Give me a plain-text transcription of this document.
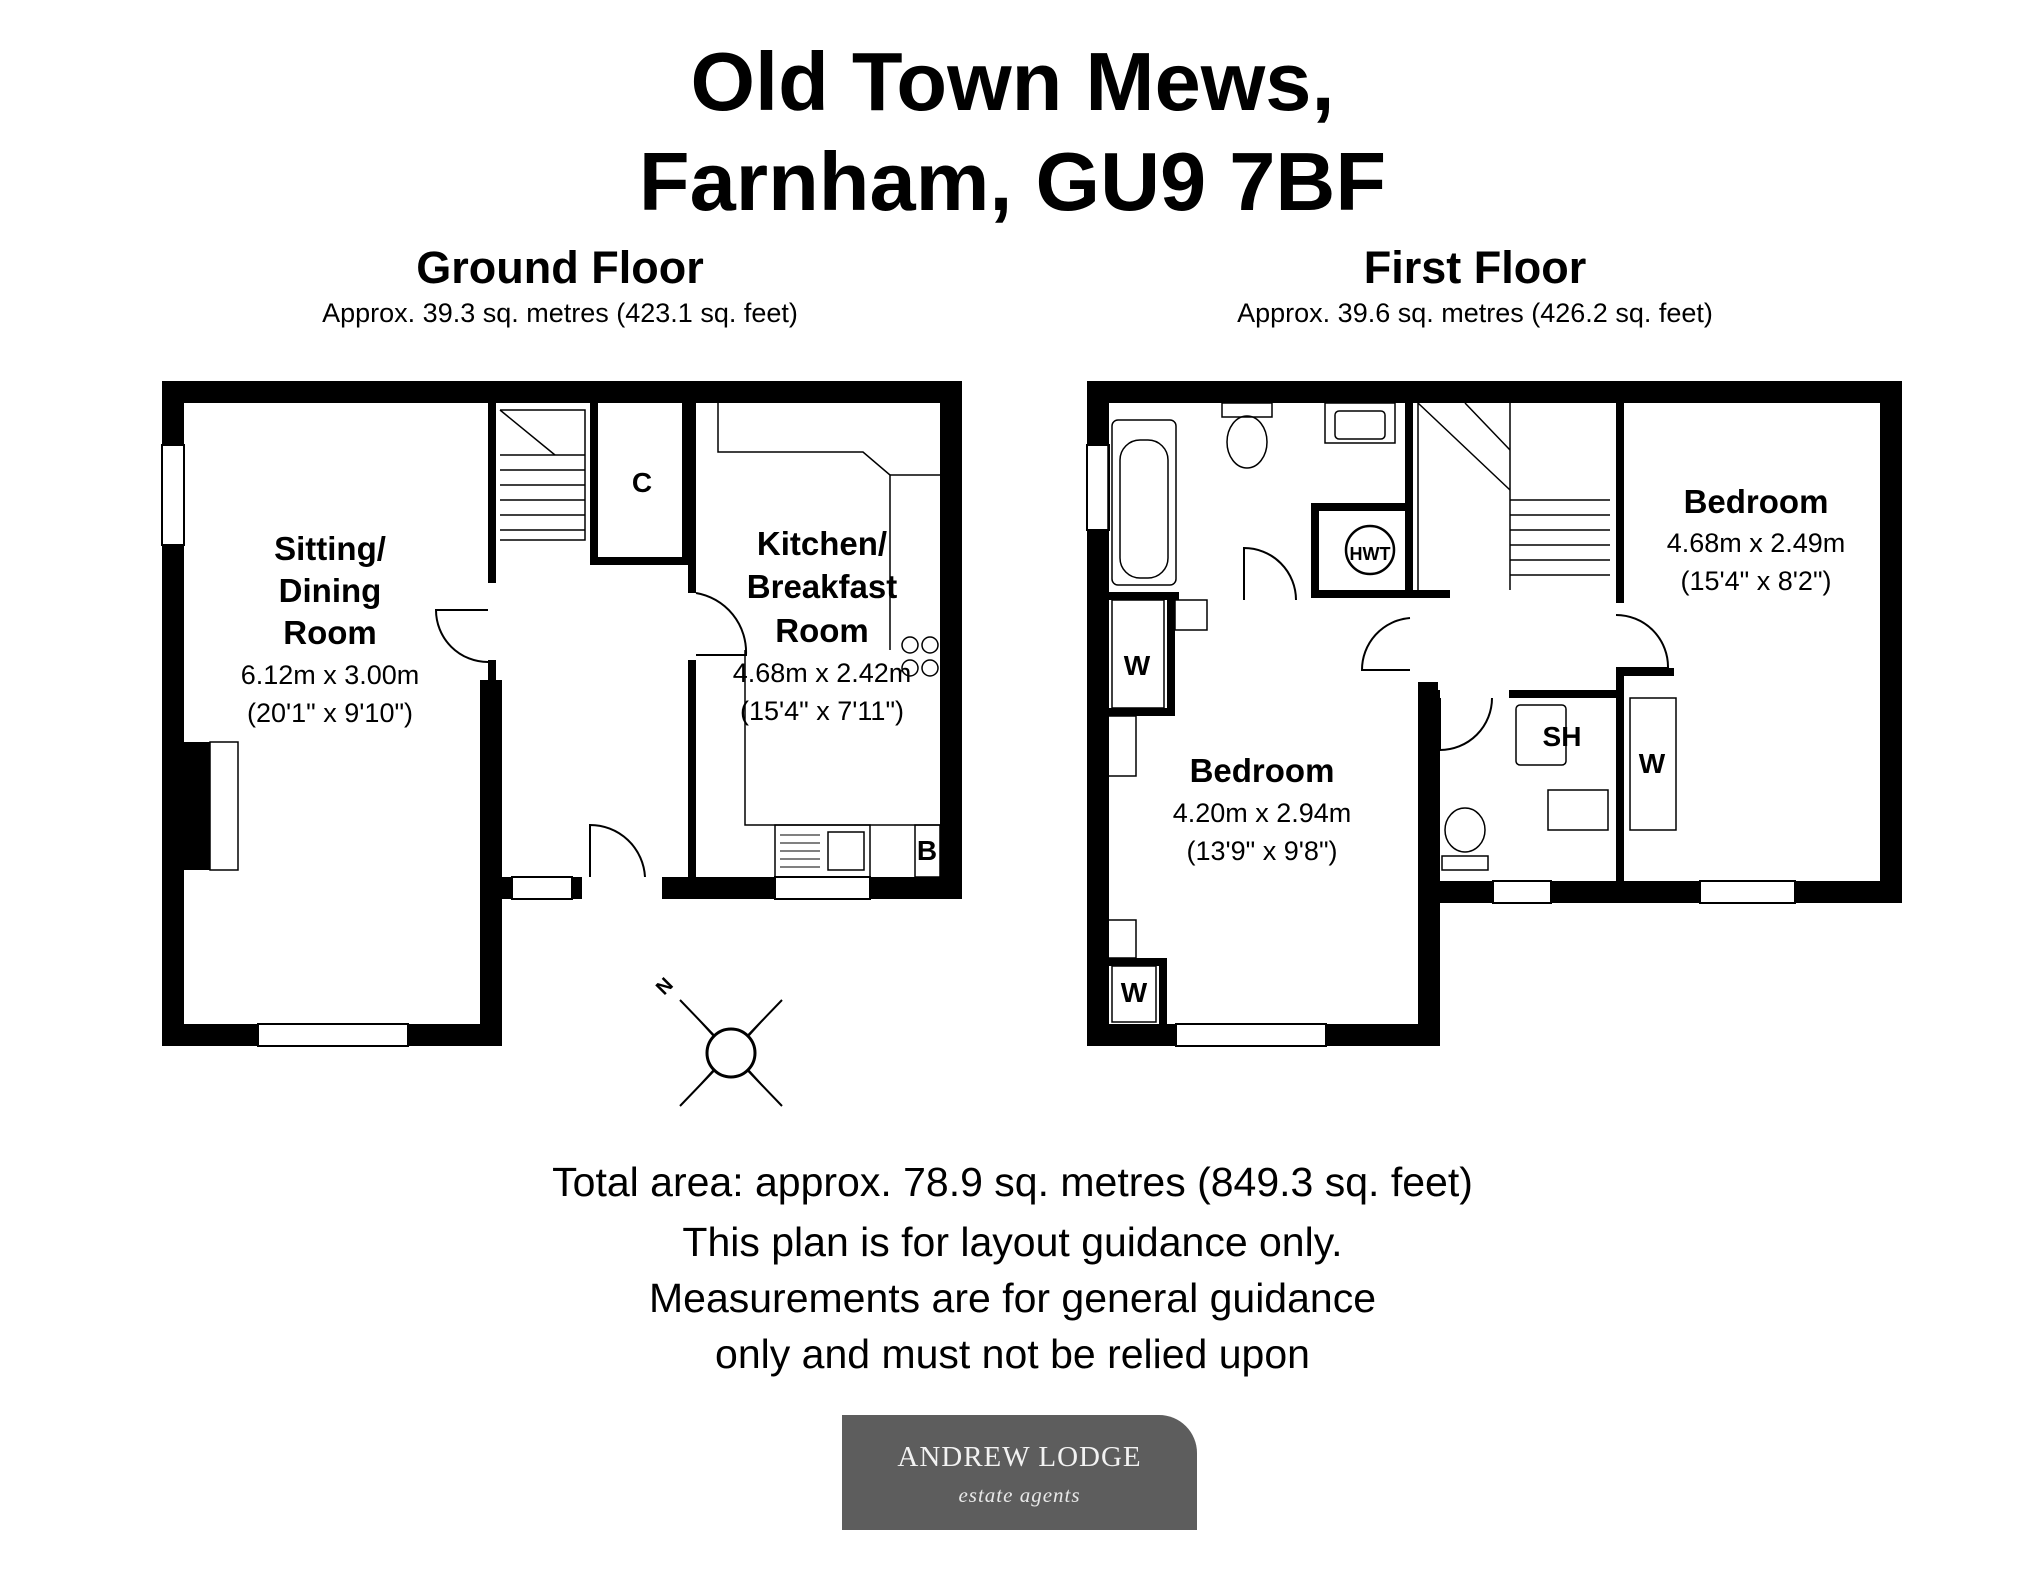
Old Town Mews,
Farnham, GU9 7BF
Ground Floor
Approx. 39.3 sq. metres (423.1 sq. feet)
First Floor
Approx. 39.6 sq. metres (426.2 sq. feet)
Sitting/
Dining
Room
6.12m x 3.00m
(20'1" x 9'10")
Kitchen/
Breakfast
Room
4.68m x 2.42m
(15'4" x 7'11")
C
B
N
HWT
SH
W
W
W
Bedroom
4.20m x 2.94m
(13'9" x 9'8")
Bedroom
4.68m x 2.49m
(15'4" x 8'2")
Total area: approx. 78.9 sq. metres (849.3 sq. feet)
This plan is for layout guidance only.
Measurements are for general guidance
only and must not be relied upon
ANDREW LODGE
estate agents
